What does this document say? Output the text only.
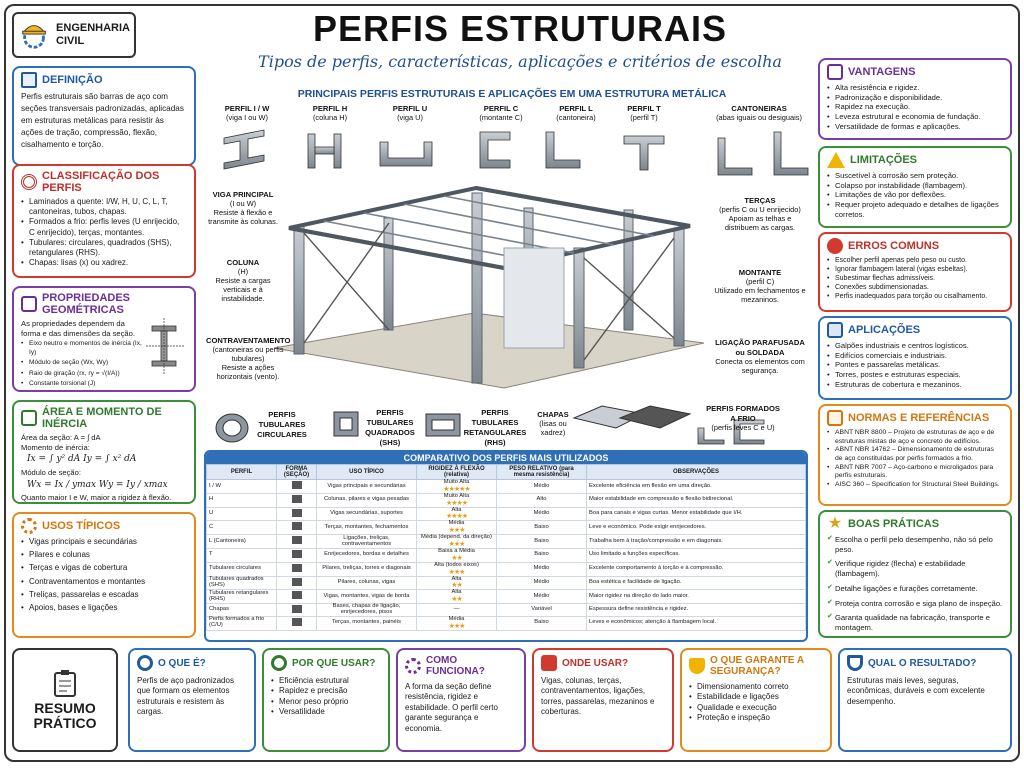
ENGENHARIA
CIVIL	PERFIS ESTRUTURAIS
Tipos de perfis, características, aplicações e critérios de escolha
DEFINIÇÃO

Perfis estruturais são barras de aço com seções transversais padronizadas, aplicadas em estruturas metálicas para resistir às ações de tração, compressão, flexão, cisalhamento e torção.

CLASSIFICAÇÃO DOS PERFIS
• Laminados a quente: I/W, H, U, C, L, T, cantoneiras, tubos, chapas.
• Formados a frio: perfis leves (U enrijecido, C enrijecido), terças, montantes.
• Tubulares: circulares, quadrados (SHS), retangulares (RHS).
• Chapas: lisas (x) ou xadrez.
PROPRIEDADES GEOMÉTRICAS

As propriedades dependem da forma e das dimensões da seção.

• Eixo neutro e momentos de inércia (Ix, Iy)
• Módulo de seção (Wx, Wy)
• Raio de giração (rx, ry = √(I/A))
• Constante torsional (J)
ÁREA E MOMENTO DE INÉRCIA

Área da seção: A = ∫ dA

Momento de inércia:

Ix = ∫ y² dA Iy = ∫ x² dA

Módulo de seção:

Wx = Ix / ymax Wy = Iy / xmax

Quanto maior I e W, maior a rigidez à flexão.

USOS TÍPICOS
• Vigas principais e secundárias
• Pilares e colunas
• Terças e vigas de cobertura
• Contraventamentos e montantes
• Treliças, passarelas e escadas
• Apoios, bases e ligações
VANTAGENS
• Alta resistência e rigidez.
• Padronização e disponibilidade.
• Rapidez na execução.
• Leveza estrutural e economia de fundação.
• Versatilidade de formas e aplicações.
LIMITAÇÕES
• Suscetível à corrosão sem proteção.
• Colapso por instabilidade (flambagem).
• Limitações de vão por deflexões.
• Requer projeto adequado e detalhes de ligações corretos.
ERROS COMUNS
• Escolher perfil apenas pelo peso ou custo.
• Ignorar flambagem lateral (vigas esbeltas).
• Subestimar flechas admissíveis.
• Conexões subdimensionadas.
• Perfis inadequados para torção ou cisalhamento.
APLICAÇÕES
• Galpões industriais e centros logísticos.
• Edifícios comerciais e industriais.
• Pontes e passarelas metálicas.
• Torres, postes e estruturas especiais.
• Estruturas de cobertura e mezaninos.
NORMAS E REFERÊNCIAS
• ABNT NBR 8800 – Projeto de estruturas de aço e de estruturas mistas de aço e concreto de edifícios.
• ABNT NBR 14762 – Dimensionamento de estruturas de aço constituídas por perfis formados a frio.
• ABNT NBR 7007 – Aço-carbono e microligados para perfis estruturais.
• AISC 360 – Specification for Structural Steel Buildings.
★ BOAS PRÁTICAS
✔ Escolha o perfil pelo desempenho, não só pelo peso.
✔ Verifique rigidez (flecha) e estabilidade (flambagem).
✔ Detalhe ligações e furações corretamente.
✔ Proteja contra corrosão e siga plano de inspeção.
✔ Garanta qualidade na fabricação, transporte e montagem.
PRINCIPAIS PERFIS ESTRUTURAIS E APLICAÇÕES EM UMA ESTRUTURA METÁLICA
PERFIL I / W
(viga I ou W)
PERFIL H
(coluna H)
PERFIL U
(viga U)
PERFIL C
(montante C)
PERFIL L
(cantoneira)
PERFIL T
(perfil T)
CANTONEIRAS
(abas iguais ou desiguais)
VIGA PRINCIPAL
(I ou W)
Resiste à flexão e transmite às colunas.
COLUNA
(H)
Resiste a cargas verticais e à instabilidade.
CONTRAVENTAMENTO
(cantoneiras ou perfis tubulares)
Resiste a ações horizontais (vento).
TERÇAS
(perfis C ou U enrijecido)
Apoiam as telhas e distribuem as cargas.
MONTANTE
(perfil C)
Utilizado em fechamentos e mezaninos.
LIGAÇÃO PARAFUSADA
ou SOLDADA
Conecta os elementos com segurança.
PERFIS TUBULARES CIRCULARES
PERFIS TUBULARES QUADRADOS (SHS)
PERFIS TUBULARES RETANGULARES (RHS)
CHAPAS
(lisas ou xadrez)
PERFIS FORMADOS A FRIO
(perfis leves C e U)
COMPARATIVO DOS PERFIS MAIS UTILIZADOS
PERFIL	FORMA (SEÇÃO)	USO TÍPICO	RIGIDEZ À FLEXÃO (relativa)	PESO RELATIVO (para mesma resistência)	OBSERVAÇÕES
I / W		Vigas principais e secundárias	Muito Alta
★★★★★	Médio	Excelente eficiência em flexão em uma direção.
H		Colunas, pilares e vigas pesadas	Muito Alta
★★★★	Alto	Maior estabilidade em compressão e flexão bidirecional.
U		Vigas secundárias, suportes	Alta
★★★★	Médio	Boa para canais e vigas curtas. Menor estabilidade que I/H.
C		Terças, montantes, fechamentos	Média
★★★	Baixo	Leve e econômico. Pode exigir enrijecedores.
L (Cantoneira)		Ligações, treliças, contraventamentos	Média (depend. da direção)
★★★	Baixo	Trabalha bem à tração/compressão e em diagonais.
T		Enrijecedores, bordas e detalhes	Baixa a Média
★★	Baixo	Uso limitado a funções específicas.
Tubulares circulares		Pilares, treliças, torres e diagonais	Alta (todos eixos)
★★★	Médio	Excelente comportamento à torção e à compressão.
Tubulares quadrados (SHS)		Pilares, colunas, vigas	Alta
★★	Médio	Boa estética e facilidade de ligação.
Tubulares retangulares (RHS)		Vigas, montantes, vigas de borda	Alta
★★	Médio	Maior rigidez na direção do lado maior.
Chapas		Bases, chapas de ligação, enrijecedores, pisos	—	Variável	Espessura define resistência e rigidez.
Perfis formados a frio (C/U)		Terças, montantes, painéis	Média
★★★	Baixo	Leves e econômicos; atenção à flambagem local.
RESUMO
PRÁTICO
O QUE É?

Perfis de aço padronizados que formam os elementos estruturais e resistem às cargas.

POR QUE USAR?
• Eficiência estrutural
• Rapidez e precisão
• Menor peso próprio
• Versatilidade
COMO FUNCIONA?

A forma da seção define resistência, rigidez e estabilidade. O perfil certo garante segurança e economia.

ONDE USAR?

Vigas, colunas, terças, contraventamentos, ligações, torres, passarelas, mezaninos e coberturas.

O QUE GARANTE A SEGURANÇA?
• Dimensionamento correto
• Estabilidade e ligações
• Qualidade e execução
• Proteção e inspeção
QUAL O RESULTADO?

Estruturas mais leves, seguras, econômicas, duráveis e com excelente desempenho.
